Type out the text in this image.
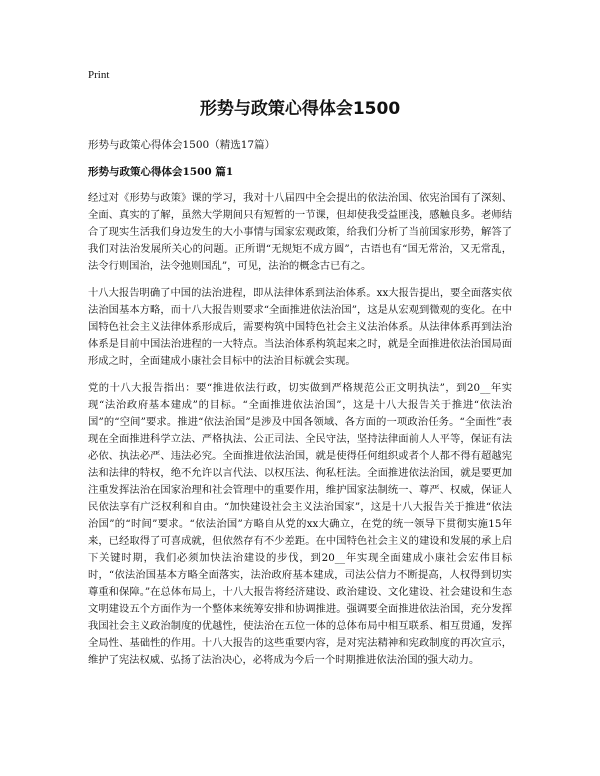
Print
形势与政策心得体会1500
形势与政策心得体会1500（精选17篇）
形势与政策心得体会1500 篇1

经过对《形势与政策》课的学习，我对十八届四中全会提出的依法治国、依宪治国有了深刻、全面、真实的了解，虽然大学期间只有短暂的一节课，但却使我受益匪浅，感触良多。老师结合了现实生活我们身边发生的大小事情与国家宏观政策，给我们分析了当前国家形势，解答了我们对法治发展所关心的问题。正所谓“无规矩不成方圆”，古语也有“国无常治，又无常乱，法令行则国治，法令弛则国乱”，可见，法治的概念古已有之。

十八大报告明确了中国的法治进程，即从法律体系到法治体系。xx大报告提出，要全面落实依法治国基本方略，而十八大报告则要求“全面推进依法治国”，这是从宏观到微观的变化。在中国特色社会主义法律体系形成后，需要构筑中国特色社会主义法治体系。从法律体系再到法治体系是目前中国法治进程的一大特点。当法治体系构筑起来之时，就是全面推进依法治国局面形成之时，全面建成小康社会目标中的法治目标就会实现。

党的十八大报告指出：要“推进依法行政，切实做到严格规范公正文明执法”，到20__年实现“法治政府基本建成”的目标。“全面推进依法治国”，这是十八大报告关于推进“依法治国”的“空间”要求。推进“依法治国”是涉及中国各领域、各方面的一项政治任务。“全面性”表现在全面推进科学立法、严格执法、公正司法、全民守法，坚持法律面前人人平等，保证有法必依、执法必严、违法必究。全面推进依法治国，就是使得任何组织或者个人都不得有超越宪法和法律的特权，绝不允许以言代法、以权压法、徇私枉法。全面推进依法治国，就是要更加注重发挥法治在国家治理和社会管理中的重要作用，维护国家法制统一、尊严、权威，保证人民依法享有广泛权利和自由。“加快建设社会主义法治国家”，这是十八大报告关于推进“依法治国”的“时间”要求。“依法治国”方略自从党的xx大确立，在党的统一领导下贯彻实施15年来，已经取得了可喜成就，但依然存有不少差距。在中国特色社会主义的建设和发展的承上启下关键时期，我们必须加快法治建设的步伐，到20__年实现全面建成小康社会宏伟目标时，“依法治国基本方略全面落实，法治政府基本建成，司法公信力不断提高，人权得到切实尊重和保障。”在总体布局上，十八大报告将经济建设、政治建设、文化建设、社会建设和生态文明建设五个方面作为一个整体来统筹安排和协调推进。强调要全面推进依法治国，充分发挥我国社会主义政治制度的优越性，使法治在五位一体的总体布局中相互联系、相互贯通，发挥全局性、基础性的作用。十八大报告的这些重要内容，是对宪法精神和宪政制度的再次宣示，维护了宪法权威、弘扬了法治决心，必将成为今后一个时期推进依法治国的强大动力。
